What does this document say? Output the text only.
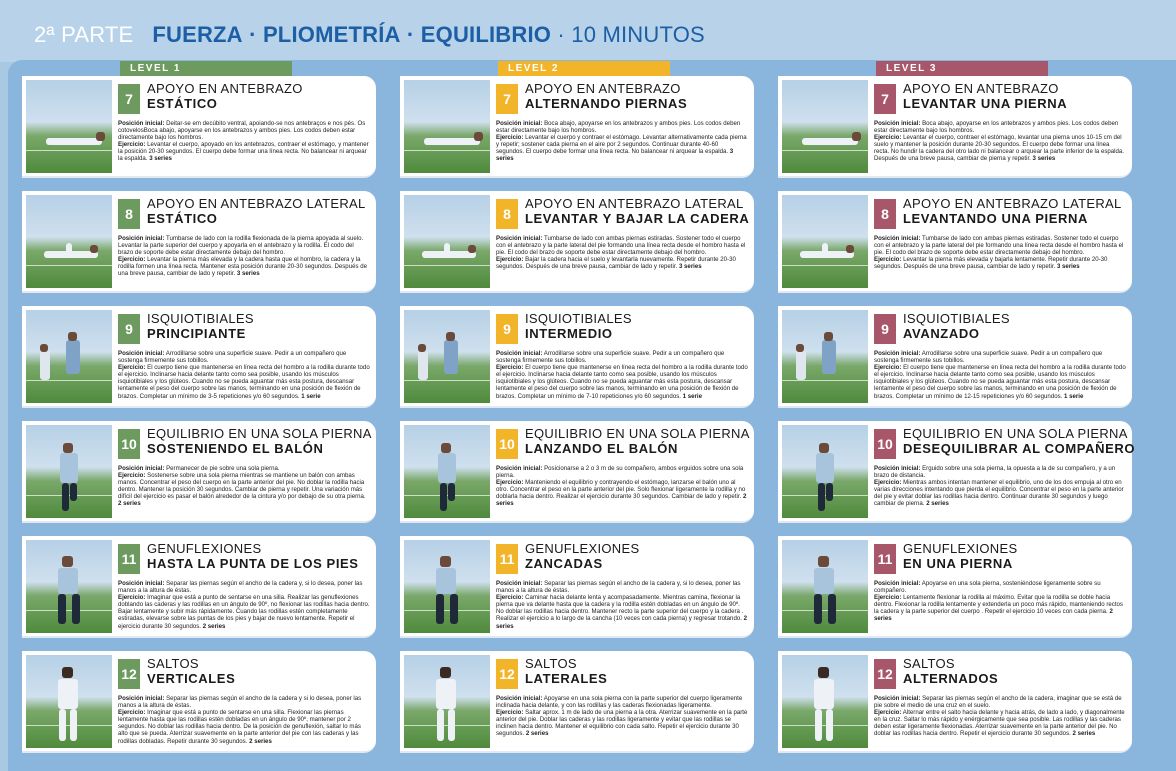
2ª PARTE FUERZA · PLIOMETRÍA · EQUILIBRIO · 10 MINUTOS
LEVEL 1	LEVEL 2	LEVEL 3
7
APOYO EN ANTEBRAZO
ESTÁTICO
Posición inicial: Deitar-se em decúbito ventral, apoiando-se nos antebraços e nos pés. Os cotovelosBoca abajo, apoyarse en los antebrazos y ambos pies. Los codos deben estar directamente bajo los hombros.
Ejercicio: Levantar el cuerpo, apoyado en los antebrazos, contraer el estómago, y mantener la posición 20-30 segundos. El cuerpo debe formar una línea recta. No balancear ni arquear la espalda. 3 series
8
APOYO EN ANTEBRAZO LATERAL
ESTÁTICO
Posición inicial: Tumbarse de lado con la rodilla flexionada de la pierna apoyada al suelo. Levantar la parte superior del cuerpo y apoyarla en el antebrazo y la rodilla. El codo del brazo de soporte debe estar directamente debajo del hombro.
Ejercicio: Levantar la pierna más elevada y la cadera hasta que el hombro, la cadera y la rodilla formen una línea recta. Mantener esta posición durante 20-30 segundos. Después de una breve pausa, cambiar de lado y repetir. 3 series
9
ISQUIOTIBIALES
PRINCIPIANTE
Posición inicial: Arrodillarse sobre una superficie suave. Pedir a un compañero que sostenga firmemente sus tobillos.
Ejercicio: El cuerpo tiene que mantenerse en línea recta del hombro a la rodilla durante todo el ejercicio. Inclinarse hacia delante tanto como sea posible, usando los músculos isquiotibiales y los glúteos. Cuando no se pueda aguantar más esta postura, descansar lentamente el peso del cuerpo sobre las manos, terminando en una posición de flexión de brazos. Completar un mínimo de 3-5 repeticiones y/o 60 segundos. 1 serie
10
EQUILIBRIO EN UNA SOLA PIERNA
SOSTENIENDO EL BALÓN
Posición inicial: Permanecer de pie sobre una sola pierna.
Ejercicio: Sostenerse sobre una sola pierna mientras se mantiene un balón con ambas manos. Concentrar el peso del cuerpo en la parte anterior del pie. No doblar la rodilla hacia dentro. Mantener la posición 30 segundos. Cambiar de pierna y repetir. Una variación más difícil del ejercicio es pasar el balón alrededor de la cintura y/o por debajo de su otra pierna. 2 series
11
GENUFLEXIONES
HASTA LA PUNTA DE LOS PIES
Posición inicial: Separar las piernas según el ancho de la cadera y, si lo desea, poner las manos a la altura de éstas.
Ejercicio: Imaginar que está a punto de sentarse en una silla. Realizar las genuflexiones doblando las caderas y las rodillas en un ángulo de 90º, no flexionar las rodillas hacia dentro. Bajar lentamente y subir más rápidamente. Cuando las rodillas estén completamente estiradas, elevarse sobre las puntas de los pies y bajar de nuevo lentamente. Repetir el ejercicio durante 30 segundos. 2 series
12
SALTOS
VERTICALES
Posición inicial: Separar las piernas según el ancho de la cadera y si lo desea, poner las manos a la altura de éstas.
Ejercicio: Imaginar que está a punto de sentarse en una silla. Flexionar las piernas lentamente hasta que las rodillas estén dobladas en un ángulo de 90º, mantener por 2 segundos. No doblar las rodillas hacia dentro. De la posición de genuflexión, saltar lo más alto que se pueda. Aterrizar suavemente en la parte anterior del pie con las caderas y las rodillas dobladas. Repetir durante 30 segundos. 2 series
7
APOYO EN ANTEBRAZO
ALTERNANDO PIERNAS
Posición inicial: Boca abajo, apoyarse en los antebrazos y ambos pies. Los codos deben estar directamente bajo los hombros.
Ejercicio: Levantar el cuerpo y contraer el estómago. Levantar alternativamente cada pierna y repetir; sostener cada pierna en el aire por 2 segundos. Continuar durante 40-60 segundos. El cuerpo debe formar una línea recta. No balancear ni arquear la espalda. 3 series
8
APOYO EN ANTEBRAZO LATERAL
LEVANTAR Y BAJAR LA CADERA
Posición inicial: Tumbarse de lado con ambas piernas estiradas. Sostener todo el cuerpo con el antebrazo y la parte lateral del pie formando una línea recta desde el hombro hasta el pie. El codo del brazo de soporte debe estar directamente debajo del hombro.
Ejercicio: Bajar la cadera hacia el suelo y levantarla nuevamente. Repetir durante 20-30 segundos. Después de una breve pausa, cambiar de lado y repetir. 3 series
9
ISQUIOTIBIALES
INTERMEDIO
Posición inicial: Arrodillarse sobre una superficie suave. Pedir a un compañero que sostenga firmemente sus tobillos.
Ejercicio: El cuerpo tiene que mantenerse en línea recta del hombro a la rodilla durante todo el ejercicio. Inclinarse hacia delante tanto como sea posible, usando los músculos isquiotibiales y los glúteos. Cuando no se pueda aguantar más esta postura, descansar lentamente el peso del cuerpo sobre las manos, terminando en una posición de flexión de brazos. Completar un mínimo de 7-10 repeticiones y/o 60 segundos. 1 serie
10
EQUILIBRIO EN UNA SOLA PIERNA
LANZANDO EL BALÓN
Posición inicial: Posicionarse a 2 o 3 m de su compañero, ambos erguidos sobre una sola pierna.
Ejercicio: Manteniendo el equilibrio y contrayendo el estómago, lanzarse el balón uno al otro. Concentrar el peso en la parte anterior del pie. Solo flexionar ligeramente la rodilla y no doblarla hacia dentro. Realizar el ejercicio durante 30 segundos. Cambiar de lado y repetir. 2 series
11
GENUFLEXIONES
ZANCADAS
Posición inicial: Separar las piernas según el ancho de la cadera y, si lo desea, poner las manos a la altura de éstas.
Ejercicio: Caminar hacia delante lenta y acompasadamente. Mientras camina, flexionar la pierna que va delante hasta que la cadera y la rodilla estén dobladas en un ángulo de 90º. No doblar las rodillas hacia dentro. Mantener recto la parte superior del cuerpo y la cadera . Realizar el ejercicio a lo largo de la cancha (10 veces con cada pierna) y regresar trotando. 2 series
12
SALTOS
LATERALES
Posición inicial: Apoyarse en una sola pierna con la parte superior del cuerpo ligeramente inclinada hacia delante, y con las rodillas y las caderas flexionadas ligeramente.
Ejercicio: Saltar aprox. 1 m de lado de una pierna a la otra. Aterrizar suavemente en la parte anterior del pie. Doblar las caderas y las rodillas ligeramente y evitar que las rodillas se inclinen hacia dentro. Mantener el equilibrio con cada salto. Repetir el ejercicio durante 30 segundos. 2 series
7
APOYO EN ANTEBRAZO
LEVANTAR UNA PIERNA
Posición inicial: Boca abajo, apoyarse en los antebrazos y ambos pies. Los codos deben estar directamente bajo los hombros.
Ejercicio: Levantar el cuerpo, contraer el estómago, levantar una pierna unos 10-15 cm del suelo y mantener la posición durante 20-30 segundos. El cuerpo debe formar una línea recta. No hundir la cadera del otro lado ni balancear o arquear la parte inferior de la espalda. Después de una breve pausa, cambiar de pierna y repetir. 3 series
8
APOYO EN ANTEBRAZO LATERAL
LEVANTANDO UNA PIERNA
Posición inicial: Tumbarse de lado con ambas piernas estiradas. Sostener todo el cuerpo con el antebrazo y la parte lateral del pie formando una línea recta desde el hombro hasta el pie. El codo del brazo de soporte debe estar directamente debajo del hombro.
Ejercicio: Levantar la pierna más elevada y bajarla lentamente. Repetir durante 20-30 segundos. Después de una breve pausa, cambiar de lado y repetir. 3 series
9
ISQUIOTIBIALES
AVANZADO
Posición inicial: Arrodillarse sobre una superficie suave. Pedir a un compañero que sostenga firmemente sus tobillos.
Ejercicio: El cuerpo tiene que mantenerse en línea recta del hombro a la rodilla durante todo el ejercicio. Inclinarse hacia delante tanto como sea posible, usando los músculos isquiotibiales y los glúteos. Cuando no se pueda aguantar más esta postura, descansar lentamente el peso del cuerpo sobre las manos, terminando en una posición de flexión de brazos. Completar un mínimo de 12-15 repeticiones y/o 60 segundos. 1 serie
10
EQUILIBRIO EN UNA SOLA PIERNA
DESEQUILIBRAR AL COMPAÑERO
Posición inicial: Erguido sobre una sola pierna, la opuesta a la de su compañero, y a un brazo de distancia.
Ejercicio: Mientras ambos intentan mantener el equilibrio, uno de los dos empuja al otro en varias direcciones intentando que pierda el equilibrio. Concentrar el peso en la parte anterior del pie y evitar doblar las rodillas hacia dentro. Continuar durante 30 segundos y luego cambiar de pierna. 2 series
11
GENUFLEXIONES
EN UNA PIERNA
Posición inicial: Apoyarse en una sola pierna, sosteniéndose ligeramente sobre su compañero.
Ejercicio: Lentamente flexionar la rodilla al máximo. Evitar que la rodilla se doble hacia dentro. Flexionar la rodilla lentamente y extenderla un poco más rápido, manteniendo rectos la cadera y la parte superior del cuerpo . Repetir el ejercicio 10 veces con cada pierna. 2 series
12
SALTOS
ALTERNADOS
Posición inicial: Separar las piernas según el ancho de la cadera, imaginar que se está de pie sobre el medio de una cruz en el suelo.
Ejercicio: Alternar entre el salto hacia delante y hacia atrás, de lado a lado, y diagonalmente en la cruz. Saltar lo más rápido y enérgicamente que sea posible. Las rodillas y las caderas deben estar ligeramente flexionadas. Aterrizar suavemente en la parte anterior del pie. No doblar las rodillas hacia dentro. Repetir el ejercicio durante 30 segundos. 2 series
